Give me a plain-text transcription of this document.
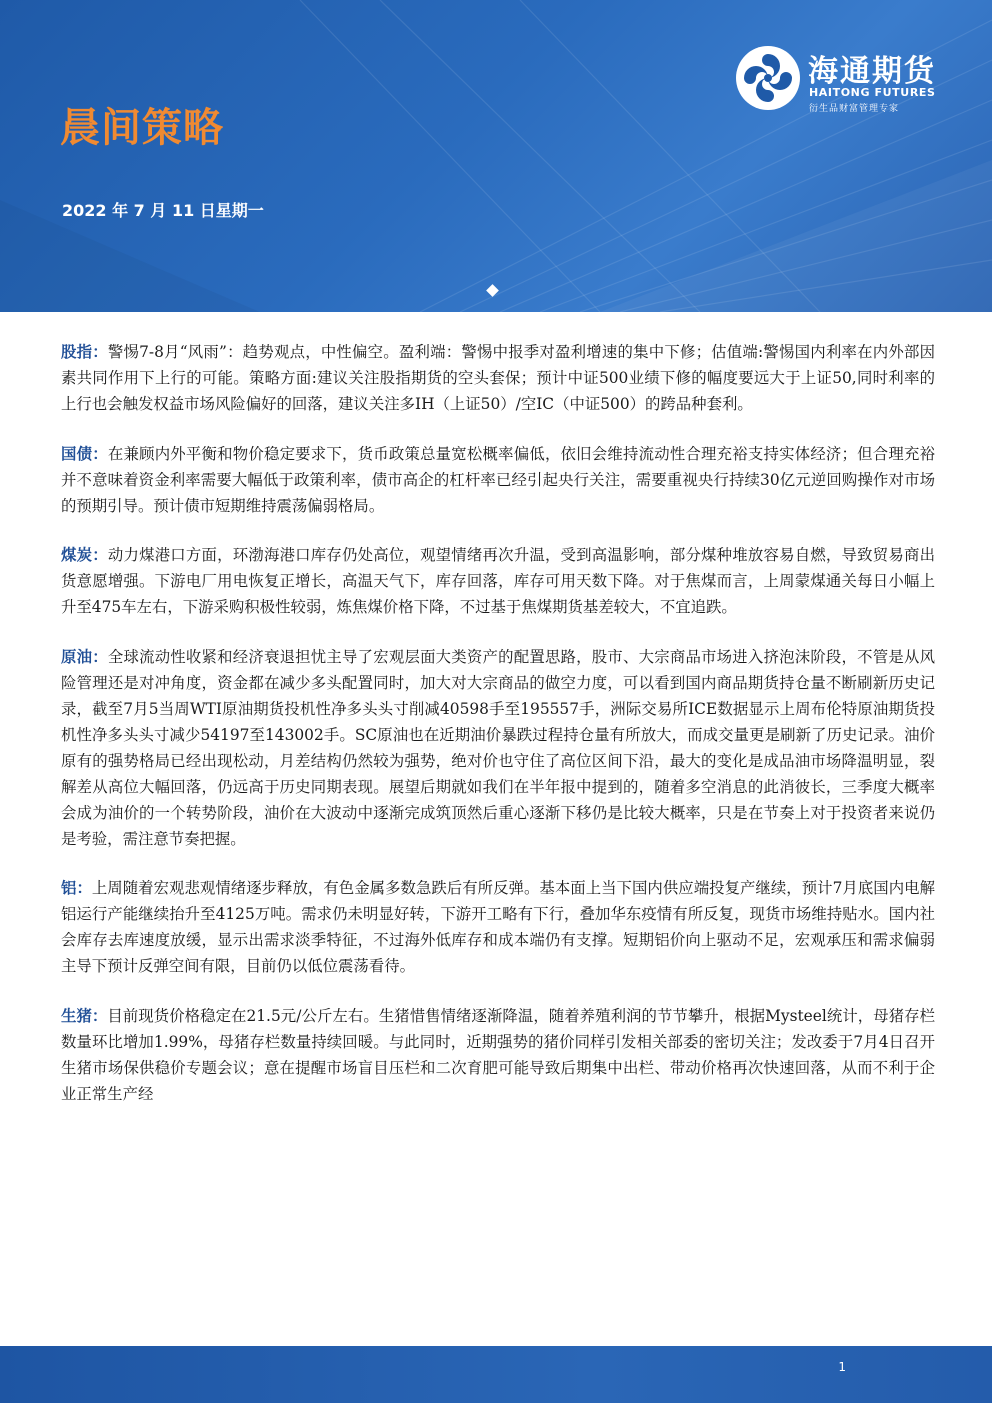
晨间策略
2022 年 7 月 11 日星期一
海通期货
HAITONG FUTURES
衍生品财富管理专家

股指：警惕7-8月“风雨”：趋势观点，中性偏空。盈利端：警惕中报季对盈利增速的集中下修；估值端:警惕国内利率在内外部因素共同作用下上行的可能。策略方面:建议关注股指期货的空头套保；预计中证500业绩下修的幅度要远大于上证50,同时利率的上行也会触发权益市场风险偏好的回落，建议关注多IH（上证50）/空IC（中证500）的跨品种套利。

国债：在兼顾内外平衡和物价稳定要求下，货币政策总量宽松概率偏低，依旧会维持流动性合理充裕支持实体经济；但合理充裕并不意味着资金利率需要大幅低于政策利率，债市高企的杠杆率已经引起央行关注，需要重视央行持续30亿元逆回购操作对市场的预期引导。预计债市短期维持震荡偏弱格局。

煤炭：动力煤港口方面，环渤海港口库存仍处高位，观望情绪再次升温，受到高温影响，部分煤种堆放容易自燃，导致贸易商出货意愿增强。下游电厂用电恢复正增长，高温天气下，库存回落，库存可用天数下降。对于焦煤而言，上周蒙煤通关每日小幅上升至475车左右，下游采购积极性较弱，炼焦煤价格下降，不过基于焦煤期货基差较大，不宜追跌。

原油：全球流动性收紧和经济衰退担忧主导了宏观层面大类资产的配置思路，股市、大宗商品市场进入挤泡沫阶段，不管是从风险管理还是对冲角度，资金都在减少多头配置同时，加大对大宗商品的做空力度，可以看到国内商品期货持仓量不断刷新历史记录，截至7月5当周WTI原油期货投机性净多头头寸削减40598手至195557手，洲际交易所ICE数据显示上周布伦特原油期货投机性净多头头寸减少54197至143002手。SC原油也在近期油价暴跌过程持仓量有所放大，而成交量更是刷新了历史记录。油价原有的强势格局已经出现松动，月差结构仍然较为强势，绝对价也守住了高位区间下沿，最大的变化是成品油市场降温明显，裂解差从高位大幅回落，仍远高于历史同期表现。展望后期就如我们在半年报中提到的，随着多空消息的此消彼长，三季度大概率会成为油价的一个转势阶段，油价在大波动中逐渐完成筑顶然后重心逐渐下移仍是比较大概率，只是在节奏上对于投资者来说仍是考验，需注意节奏把握。

铝：上周随着宏观悲观情绪逐步释放，有色金属多数急跌后有所反弹。基本面上当下国内供应端投复产继续，预计7月底国内电解铝运行产能继续抬升至4125万吨。需求仍未明显好转，下游开工略有下行，叠加华东疫情有所反复，现货市场维持贴水。国内社会库存去库速度放缓，显示出需求淡季特征，不过海外低库存和成本端仍有支撑。短期铝价向上驱动不足，宏观承压和需求偏弱主导下预计反弹空间有限，目前仍以低位震荡看待。

生猪：目前现货价格稳定在21.5元/公斤左右。生猪惜售情绪逐渐降温，随着养殖利润的节节攀升，根据Mysteel统计，母猪存栏数量环比增加1.99%，母猪存栏数量持续回暖。与此同时，近期强势的猪价同样引发相关部委的密切关注；发改委于7月4日召开生猪市场保供稳价专题会议；意在提醒市场盲目压栏和二次育肥可能导致后期集中出栏、带动价格再次快速回落，从而不利于企业正常生产经

1
